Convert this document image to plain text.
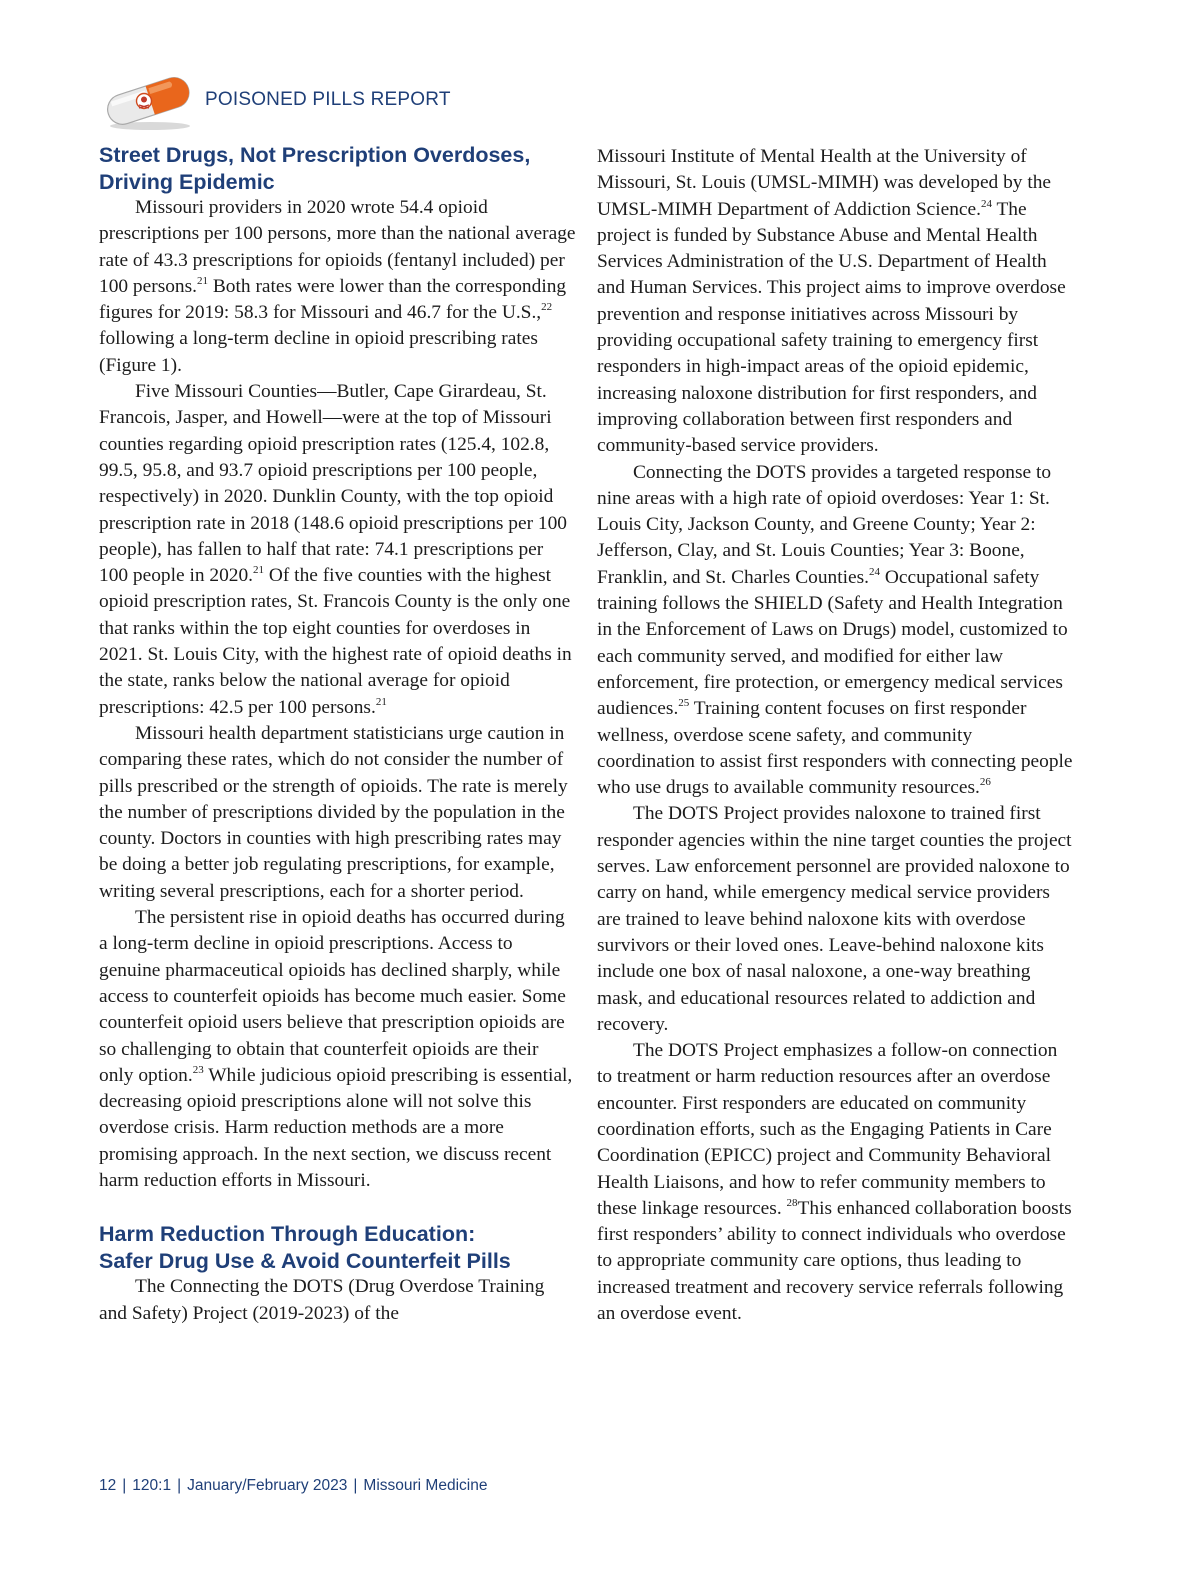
POISONED PILLS REPORT
Street Drugs, Not Prescription Overdoses, Driving Epidemic

Missouri providers in 2020 wrote 54.4 opioid prescriptions per 100 persons, more than the national average rate of 43.3 prescriptions for opioids (fentanyl included) per 100 persons.$^{21}$ Both rates were lower than the corresponding figures for 2019: 58.3 for Missouri and 46.7 for the U.S.,$^{22}$ following a long-term decline in opioid prescribing rates (Figure 1).

Five Missouri Counties—Butler, Cape Girardeau, St. Francois, Jasper, and Howell—were at the top of Missouri counties regarding opioid prescription rates (125.4, 102.8, 99.5, 95.8, and 93.7 opioid prescriptions per 100 people, respectively) in 2020. Dunklin County, with the top opioid prescription rate in 2018 (148.6 opioid prescriptions per 100 people), has fallen to half that rate: 74.1 prescriptions per 100 people in 2020.21 Of the five counties with the highest opioid prescription rates, St. Francois County is the only one that ranks within the top eight counties for overdoses in 2021. St. Louis City, with the highest rate of opioid deaths in the state, ranks below the national average for opioid prescriptions: 42.5 per 100 persons.$^{21}$

Missouri health department statisticians urge caution in comparing these rates, which do not consider the number of pills prescribed or the strength of opioids. The rate is merely the number of prescriptions divided by the population in the county. Doctors in counties with high prescribing rates may be doing a better job regulating prescriptions, for example, writing several prescriptions, each for a shorter period.

The persistent rise in opioid deaths has occurred during a long-term decline in opioid prescriptions. Access to genuine pharmaceutical opioids has declined sharply, while access to counterfeit opioids has become much easier. Some counterfeit opioid users believe that prescription opioids are so challenging to obtain that counterfeit opioids are their only option.$^{23}$ While judicious opioid prescribing is essential, decreasing opioid prescriptions alone will not solve this overdose crisis. Harm reduction methods are a more promising approach. In the next section, we discuss recent harm reduction efforts in Missouri.

Harm Reduction Through Education:
Safer Drug Use & Avoid Counterfeit Pills

The Connecting the DOTS (Drug Overdose Training and Safety) Project (2019-2023) of the

Missouri Institute of Mental Health at the University of Missouri, St. Louis (UMSL-MIMH) was developed by the UMSL-MIMH Department of Addiction Science.$^{24}$ The project is funded by Substance Abuse and Mental Health Services Administration of the U.S. Department of Health and Human Services. This project aims to improve overdose prevention and response initiatives across Missouri by providing occupational safety training to emergency first responders in high-impact areas of the opioid epidemic, increasing naloxone distribution for first responders, and improving collaboration between first responders and community-based service providers.

Connecting the DOTS provides a targeted response to nine areas with a high rate of opioid overdoses: Year 1: St. Louis City, Jackson County, and Greene County; Year 2: Jefferson, Clay, and St. Louis Counties; Year 3: Boone, Franklin, and St. Charles Counties.$^{24}$ Occupational safety training follows the SHIELD (Safety and Health Integration in the Enforcement of Laws on Drugs) model, customized to each community served, and modified for either law enforcement, fire protection, or emergency medical services audiences.$^{25}$ Training content focuses on first responder wellness, overdose scene safety, and community coordination to assist first responders with connecting people who use drugs to available community resources.$^{26}$

The DOTS Project provides naloxone to trained first responder agencies within the nine target counties the project serves. Law enforcement personnel are provided naloxone to carry on hand, while emergency medical service providers are trained to leave behind naloxone kits with overdose survivors or their loved ones. Leave-behind naloxone kits include one box of nasal naloxone, a one-way breathing mask, and educational resources related to addiction and recovery.

The DOTS Project emphasizes a follow-on connection to treatment or harm reduction resources after an overdose encounter. First responders are educated on community coordination efforts, such as the Engaging Patients in Care Coordination (EPICC) project and Community Behavioral Health Liaisons, and how to refer community members to these linkage resources. $^{28}$This enhanced collaboration boosts first responders’ ability to connect individuals who overdose to appropriate community care options, thus leading to increased treatment and recovery service referrals following an overdose event.

12 | 120:1 | January/February 2023 | Missouri Medicine
